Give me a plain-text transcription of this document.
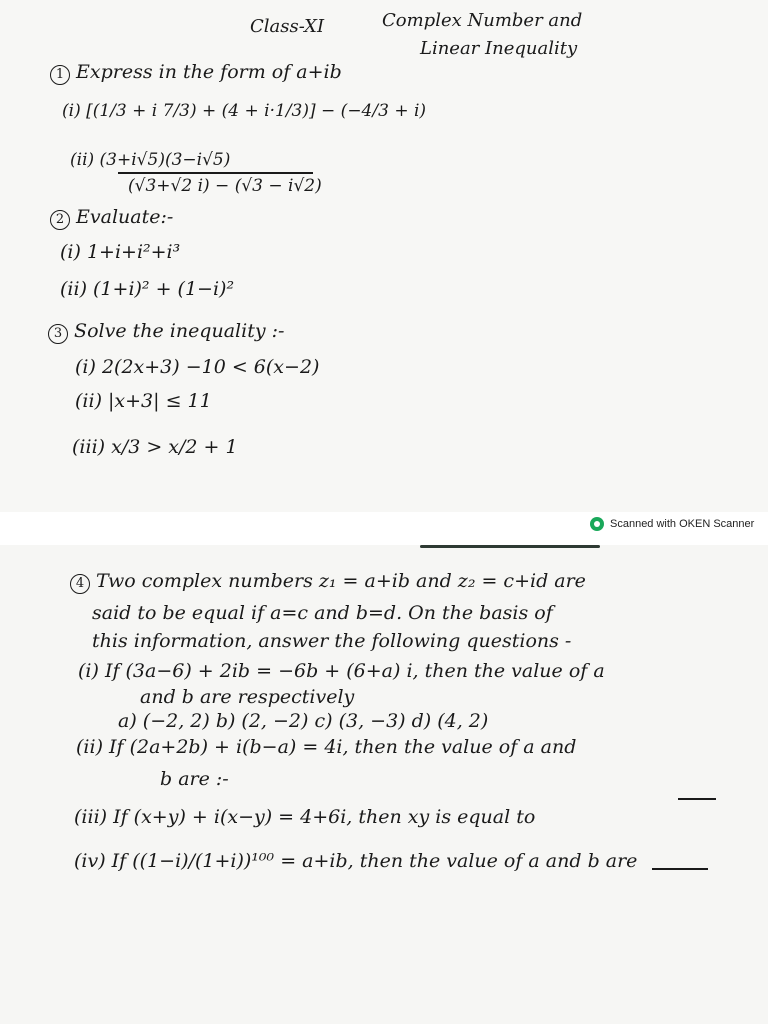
Class-XI	Complex Number and
Linear Inequality
1 Express in the form of a+ib
(i) [(1/3 + i 7/3) + (4 + i·1/3)] − (−4/3 + i)
(ii) (3+i√5)(3−i√5)
(√3+√2 i) − (√3 − i√2)
2 Evaluate:-
(i) 1+i+i²+i³
(ii) (1+i)² + (1−i)²
3 Solve the inequality :-
(i) 2(2x+3) −10 < 6(x−2)
(ii) |x+3| ≤ 11
(iii) x/3 > x/2 + 1
Scanned with OKEN Scanner
4 Two complex numbers z₁ = a+ib and z₂ = c+id are
said to be equal if a=c and b=d. On the basis of
this information, answer the following questions -
(i) If (3a−6) + 2ib = −6b + (6+a) i, then the value of a
and b are respectively
a) (−2, 2) b) (2, −2) c) (3, −3) d) (4, 2)
(ii) If (2a+2b) + i(b−a) = 4i, then the value of a and
b are :-
(iii) If (x+y) + i(x−y) = 4+6i, then xy is equal to
(iv) If ((1−i)/(1+i))¹⁰⁰ = a+ib, then the value of a and b are
